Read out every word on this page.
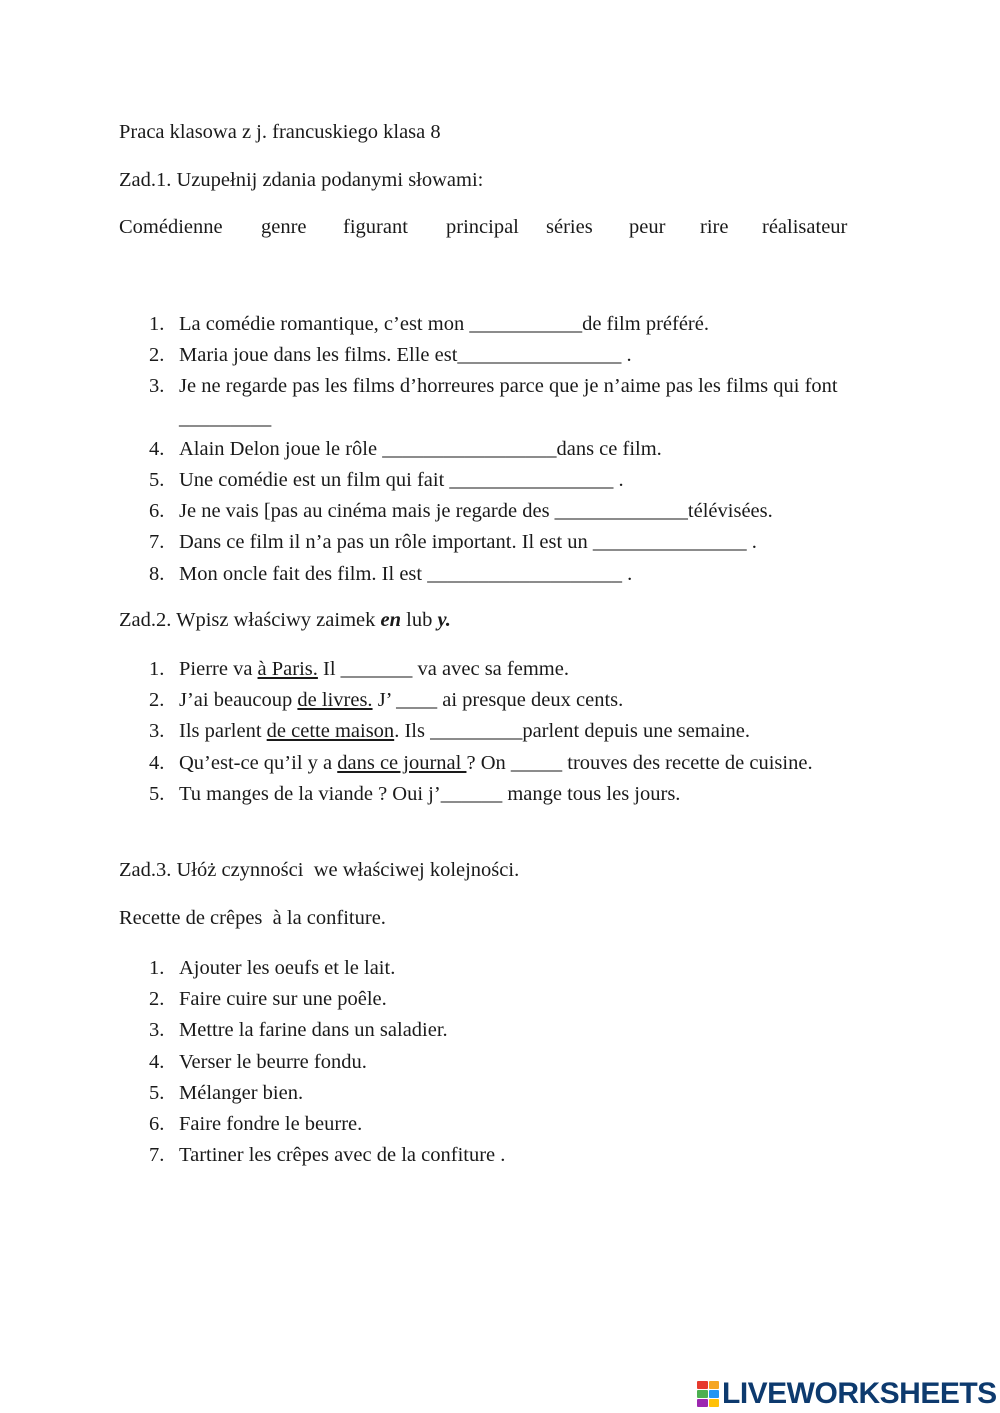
Praca klasowa z j. francuskiego klasa 8
Zad.1. Uzupełnij zdania podanymi słowami:
Comédienne genre figurant principal séries peur rire réalisateur
1. La comédie romantique, c’est mon ___________de film préféré.
2. Maria joue dans les films. Elle est________________ .
3. Je ne regarde pas les films d’horreures parce que je n’aime pas les films qui font _________
4. Alain Delon joue le rôle _________________dans ce film.
5. Une comédie est un film qui fait ________________ .
6. Je ne vais [pas au cinéma mais je regarde des _____________télévisées.
7. Dans ce film il n’a pas un rôle important. Il est un _______________ .
8. Mon oncle fait des film. Il est ___________________ .
Zad.2. Wpisz właściwy zaimek en lub y.
1. Pierre va à Paris. Il _______ va avec sa femme.
2. J’ai beaucoup de livres. J’ ____ ai presque deux cents.
3. Ils parlent de cette maison. Ils _________parlent depuis une semaine.
4. Qu’est-ce qu’il y a dans ce journal ? On _____ trouves des recette de cuisine.
5. Tu manges de la viande ? Oui j’______ mange tous les jours.
Zad.3. Ułóż czynności  we właściwej kolejności.
Recette de crêpes  à la confiture.
1. Ajouter les oeufs et le lait.
2. Faire cuire sur une poêle.
3. Mettre la farine dans un saladier.
4. Verser le beurre fondu.
5. Mélanger bien.
6. Faire fondre le beurre.
7. Tartiner les crêpes avec de la confiture .
LIVEWORKSHEETS
